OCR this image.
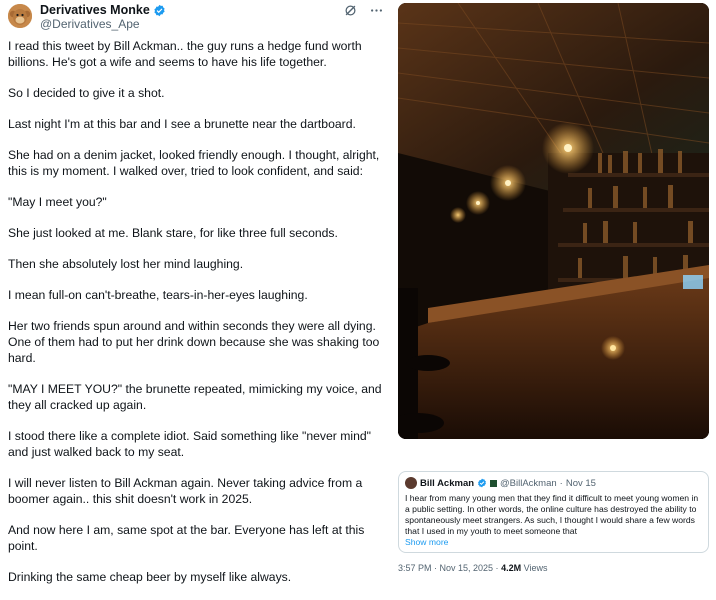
Derivatives Monke
@Derivatives_Ape

I read this tweet by Bill Ackman.. the guy runs a hedge fund worth billions. He's got a wife and seems to have his life together.

So I decided to give it a shot.

Last night I'm at this bar and I see a brunette near the dartboard.

She had on a denim jacket, looked friendly enough. I thought, alright, this is my moment. I walked over, tried to look confident, and said:

"May I meet you?"

She just looked at me. Blank stare, for like three full seconds.

Then she absolutely lost her mind laughing.

I mean full-on can't-breathe, tears-in-her-eyes laughing.

Her two friends spun around and within seconds they were all dying. One of them had to put her drink down because she was shaking too hard.

"MAY I MEET YOU?" the brunette repeated, mimicking my voice, and they all cracked up again.

I stood there like a complete idiot. Said something like "never mind" and just walked back to my seat.

I will never listen to Bill Ackman again. Never taking advice from a boomer again.. this shit doesn't work in 2025.

And now here I am, same spot at the bar. Everyone has left at this point.

Drinking the same cheap beer by myself like always.

Bill Ackman	@BillAckman · Nov 15
I hear from many young men that they find it difficult to meet young women in a public setting. In other words, the online culture has destroyed the ability to spontaneously meet strangers. As such, I thought I would share a few words that I used in my youth to meet someone that
Show more
3:57 PM · Nov 15, 2025 · 4.2M Views
